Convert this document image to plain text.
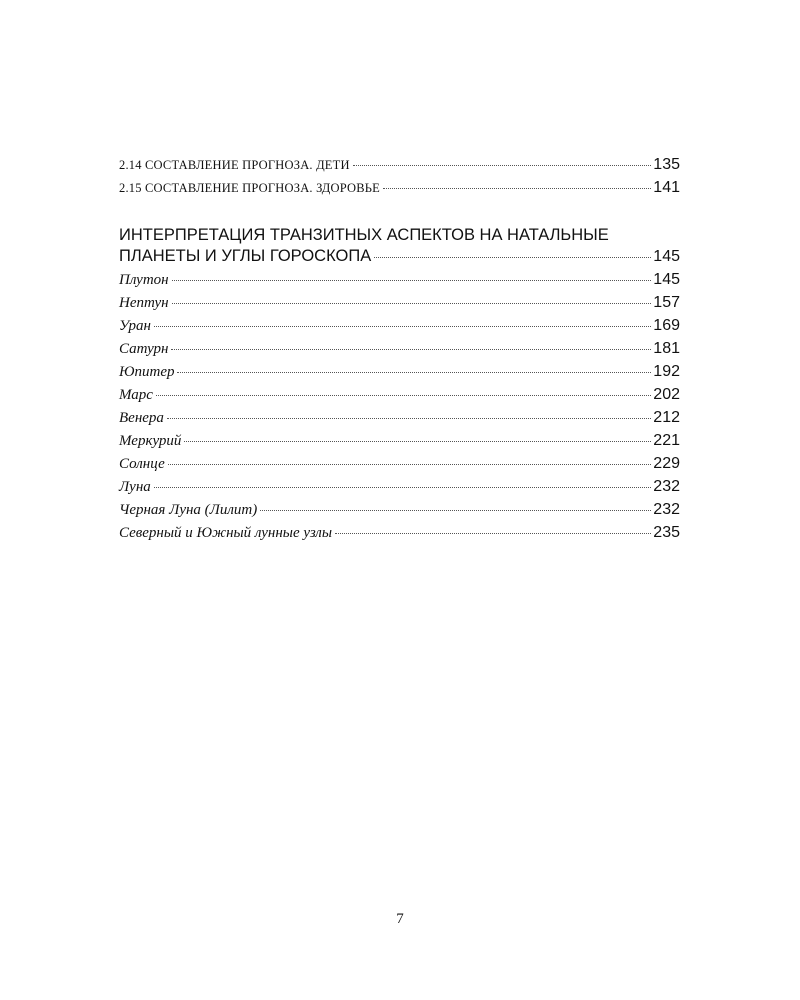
2.14 СОСТАВЛЕНИЕ ПРОГНОЗА. ДЕТИ	135
2.15 СОСТАВЛЕНИЕ ПРОГНОЗА. ЗДОРОВЬЕ	141
ИНТЕРПРЕТАЦИЯ ТРАНЗИТНЫХ АСПЕКТОВ НА НАТАЛЬНЫЕ
ПЛАНЕТЫ И УГЛЫ ГОРОСКОПА	145
Плутон	145
Нептун	157
Уран	169
Сатурн	181
Юпитер	192
Марс	202
Венера	212
Меркурий	221
Солнце	229
Луна	232
Черная Луна (Лилит)	232
Северный и Южный лунные узлы	235
7
